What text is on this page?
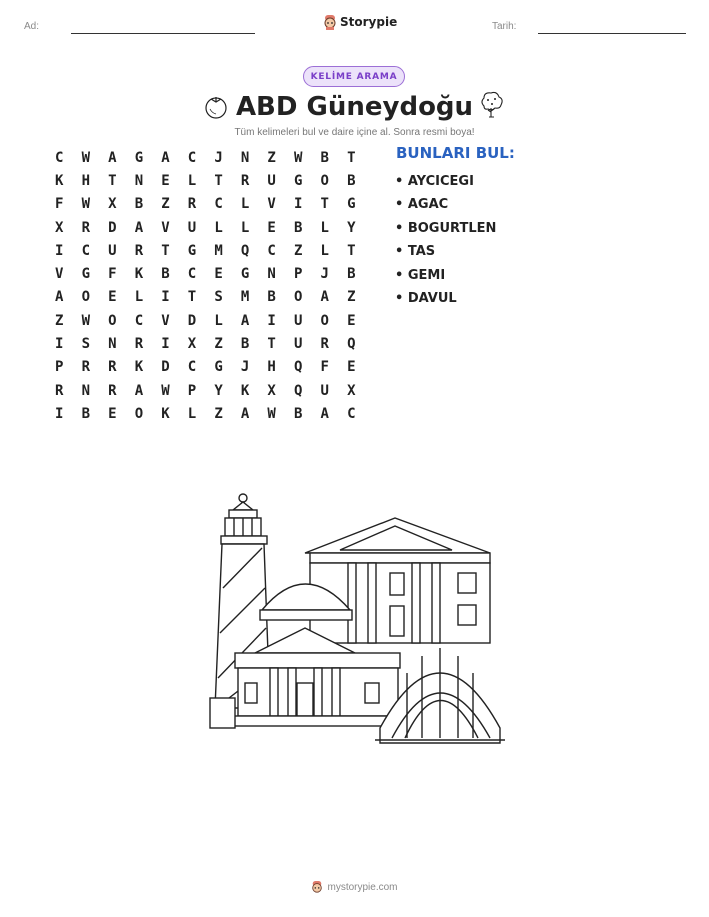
Ad:	Storypie	Tarih:
KELİME ARAMA
ABD Güneydoğu
Tüm kelimeleri bul ve daire içine al. Sonra resmi boya!
C	W	A	G	A	C	J	N	Z	W	B	T
K	H	T	N	E	L	T	R	U	G	O	B
F	W	X	B	Z	R	C	L	V	I	T	G
X	R	D	A	V	U	L	L	E	B	L	Y
I	C	U	R	T	G	M	Q	C	Z	L	T
V	G	F	K	B	C	E	G	N	P	J	B
A	O	E	L	I	T	S	M	B	O	A	Z
Z	W	O	C	V	D	L	A	I	U	O	E
I	S	N	R	I	X	Z	B	T	U	R	Q
P	R	R	K	D	C	G	J	H	Q	F	E
R	N	R	A	W	P	Y	K	X	Q	U	X
I	B	E	O	K	L	Z	A	W	B	A	C
BUNLARI BUL:
• AYCICEGI
• AGAC
• BOGURTLEN
• TAS
• GEMI
• DAVUL
mystorypie.com
